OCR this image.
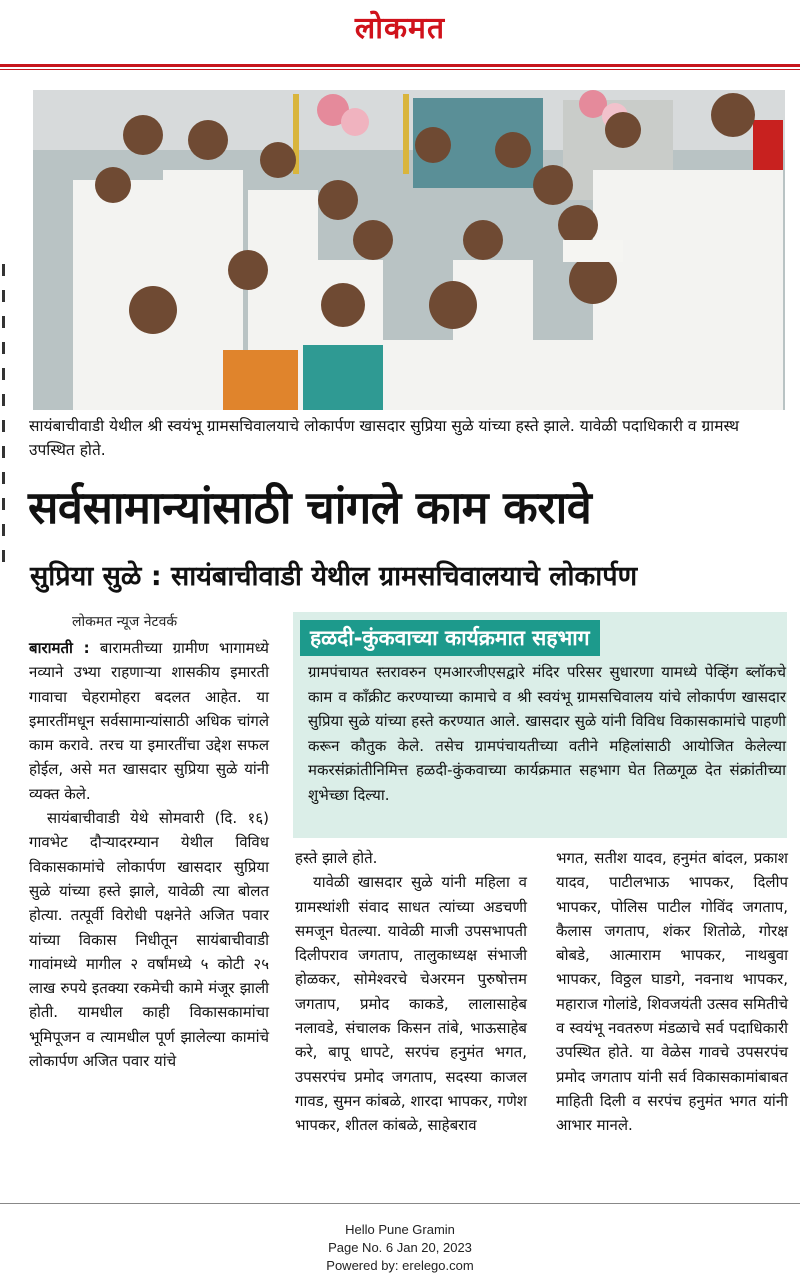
लोकमत
सायंबाचीवाडी येथील श्री स्वयंभू ग्रामसचिवालयाचे लोकार्पण खासदार सुप्रिया सुळे यांच्या हस्ते झाले. यावेळी पदाधिकारी व ग्रामस्थ उपस्थित होते.
सर्वसामान्यांसाठी चांगले काम करावे
सुप्रिया सुळे : सायंबाचीवाडी येथील ग्रामसचिवालयाचे लोकार्पण
लोकमत न्यूज नेटवर्क

बारामती : बारामतीच्या ग्रामीण भागामध्ये नव्याने उभ्या राहणाऱ्या शासकीय इमारती गावाचा चेहरामोहरा बदलत आहेत. या इमारतींमधून सर्वसामान्यांसाठी अधिक चांगले काम करावे. तरच या इमारतींचा उद्देश सफल होईल, असे मत खासदार सुप्रिया सुळे यांनी व्यक्त केले.

सायंबाचीवाडी येथे सोमवारी (दि. १६) गावभेट दौऱ्यादरम्यान येथील विविध विकासकामांचे लोकार्पण खासदार सुप्रिया सुळे यांच्या हस्ते झाले, यावेळी त्या बोलत होत्या. तत्पूर्वी विरोधी पक्षनेते अजित पवार यांच्या विकास निधीतून सायंबाचीवाडी गावांमध्ये मागील २ वर्षांमध्ये ५ कोटी २५ लाख रुपये इतक्या रकमेची कामे मंजूर झाली होती. यामधील काही विकासकामांचा भूमिपूजन व त्यामधील पूर्ण झालेल्या कामांचे लोकार्पण अजित पवार यांचे

हळदी-कुंकवाच्या कार्यक्रमात सहभाग
ग्रामपंचायत स्तरावरुन एमआरजीएसद्वारे मंदिर परिसर सुधारणा यामध्ये पेव्हिंग ब्लॉकचे काम व काँक्रीट करण्याच्या कामाचे व श्री स्वयंभू ग्रामसचिवालय यांचे लोकार्पण खासदार सुप्रिया सुळे यांच्या हस्ते करण्यात आले. खासदार सुळे यांनी विविध विकासकामांचे पाहणी करून कौतुक केले. तसेच ग्रामपंचायतीच्या वतीने महिलांसाठी आयोजित केलेल्या मकरसंक्रांतीनिमित्त हळदी-कुंकवाच्या कार्यक्रमात सहभाग घेत तिळगूळ देत संक्रांतीच्या शुभेच्छा दिल्या.

हस्ते झाले होते.

यावेळी खासदार सुळे यांनी महिला व ग्रामस्थांशी संवाद साधत त्यांच्या अडचणी समजून घेतल्या. यावेळी माजी उपसभापती दिलीपराव जगताप, तालुकाध्यक्ष संभाजी होळकर, सोमेश्वरचे चेअरमन पुरुषोत्तम जगताप, प्रमोद काकडे, लालासाहेब नलावडे, संचालक किसन तांबे, भाऊसाहेब करे, बापू धापटे, सरपंच हनुमंत भगत, उपसरपंच प्रमोद जगताप, सदस्या काजल गावड, सुमन कांबळे, शारदा भापकर, गणेश भापकर, शीतल कांबळे, साहेबराव

भगत, सतीश यादव, हनुमंत बांदल, प्रकाश यादव, पाटीलभाऊ भापकर, दिलीप भापकर, पोलिस पाटील गोविंद जगताप, कैलास जगताप, शंकर शितोळे, गोरक्ष बोबडे, आत्माराम भापकर, नाथबुवा भापकर, विठ्ठल घाडगे, नवनाथ भापकर, महाराज गोलांडे, शिवजयंती उत्सव समितीचे व स्वयंभू नवतरुण मंडळाचे सर्व पदाधिकारी उपस्थित होते. या वेळेस गावचे उपसरपंच प्रमोद जगताप यांनी सर्व विकासकामांबाबत माहिती दिली व सरपंच हनुमंत भगत यांनी आभार मानले.

Hello Pune Gramin
Page No. 6 Jan 20, 2023
Powered by: erelego.com
